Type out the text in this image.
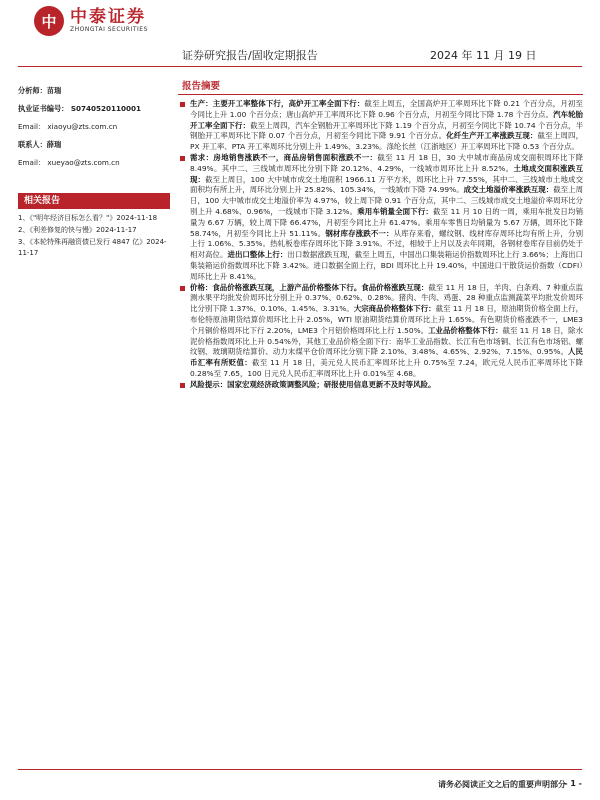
中 中泰证券
ZHONGTAI SECURITIES
证券研究报告/固收定期报告	2024 年 11 月 19 日
分析师：苗瑞
执业证书编号： S0740520110001
Email： xiaoyu@zts.com.cn
联系人：薛瑞
Email： xueyao@zts.com.cn
相关报告
1、《"明年经济目标怎么看？"》2024-11-18
2、《利差修复的快与慢》2024-11-17
3、《本轮特殊再融资债已发行 4847 亿》2024-11-17
报告摘要
生产：主要开工率整体下行，高炉开工率全面下行：截至上周五，全国高炉开工率周环比下降 0.21 个百分点，月初至今同比上升 1.00 个百分点；唐山高炉开工率周环比下降 0.96 个百分点，月初至今同比下降 1.78 个百分点。汽车轮胎开工率全面下行：截至上周四，汽车全钢胎开工率周环比下降 1.19 个百分点，月初至今同比下降 10.74 个百分点，半钢胎开工率周环比下降 0.07 个百分点，月初至今同比下降 9.91 个百分点。化纤生产开工率涨跌互现：截至上周四，PX 开工率、PTA 开工率周环比分别上升 1.49%、3.23%。涤纶长丝（江浙地区）开工率周环比下降 0.53 个百分点。
需求：房地销售涨跌不一，商品房销售面积涨跌不一：截至 11 月 18 日，30 大中城市商品房成交面积周环比下降 8.49%。其中二、三线城市周环比分别下降 20.12%、4.29%，一线城市周环比上升 8.52%。土地成交面积涨跌互现：截至上周日，100 大中城市成交土地面积 1966.11 万平方米，周环比上升 77.55%，其中二、三线城市土地成交面积均有所上升，周环比分别上升 25.82%、105.34%，一线城市下降 74.99%。成交土地溢价率涨跌互现：截至上周日，100 大中城市成交土地溢价率为 4.97%，较上周下降 0.91 个百分点，其中二、三线城市成交土地溢价率周环比分别上升 4.68%、0.96%，一线城市下降 3.12%。乘用车销量全面下行：截至 11 月 10 日的一周，乘用车批发日均销量为 6.67 万辆，较上周下降 66.47%，月初至今同比上升 61.47%。乘用车零售日均销量为 5.67 万辆，周环比下降 58.74%，月初至今同比上升 51.11%。钢材库存涨跌不一：从库存来看，螺纹钢、线材库存周环比均有所上升，分别上行 1.06%、5.35%。热轧板卷库存周环比下降 3.91%。不过，相较于上月以及去年同期，各钢材卷库存目前仍处于相对高位。进出口整体上行：出口数据涨跌互现，截至上周五，中国出口集装箱运价指数周环比上行 3.66%；上海出口集装箱运价指数周环比下降 3.42%。进口数据全面上行，BDI 周环比上升 19.40%，中国进口干散货运价指数（CDFI）周环比上升 8.41%。
价格：食品价格涨跌互现，上游产品价格整体下行。食品价格涨跌互现：截至 11 月 18 日，羊肉、白条鸡、7 种重点监测水果平均批发价周环比分别上升 0.37%、0.62%、0.28%。猪肉、牛肉、鸡蛋、28 种重点监测蔬菜平均批发价周环比分别下降 1.37%、0.10%、1.45%、3.31%。大宗商品价格整体下行：截至 11 月 18 日，原油期货价格全面上行，布伦特原油期货结算价周环比上升 2.05%，WTI 原油期货结算价周环比上升 1.65%。有色期货价格涨跌不一，LME3 个月铜价格周环比下行 2.20%，LME3 个月铝价格周环比上行 1.50%。工业品价格整体下行：截至 11 月 18 日，除水泥价格指数周环比上升 0.54%外，其他工业品价格全面下行：南华工业品指数、长江有色市场铜、长江有色市场铝、螺纹钢、玻璃期货结算价、动力末煤平仓价周环比分别下降 2.10%、3.48%、4.65%、2.92%、7.15%、0.95%。人民币汇率有所贬值：截至 11 月 18 日，美元兑人民币汇率周环比上升 0.75%至 7.24，欧元兑人民币汇率周环比下降 0.28%至 7.65，100 日元兑人民币汇率周环比上升 0.01%至 4.68。
风险提示：国家宏观经济政策调整风险；研报使用信息更新不及时等风险。
请务必阅读正文之后的重要声明部分
- 1 -
